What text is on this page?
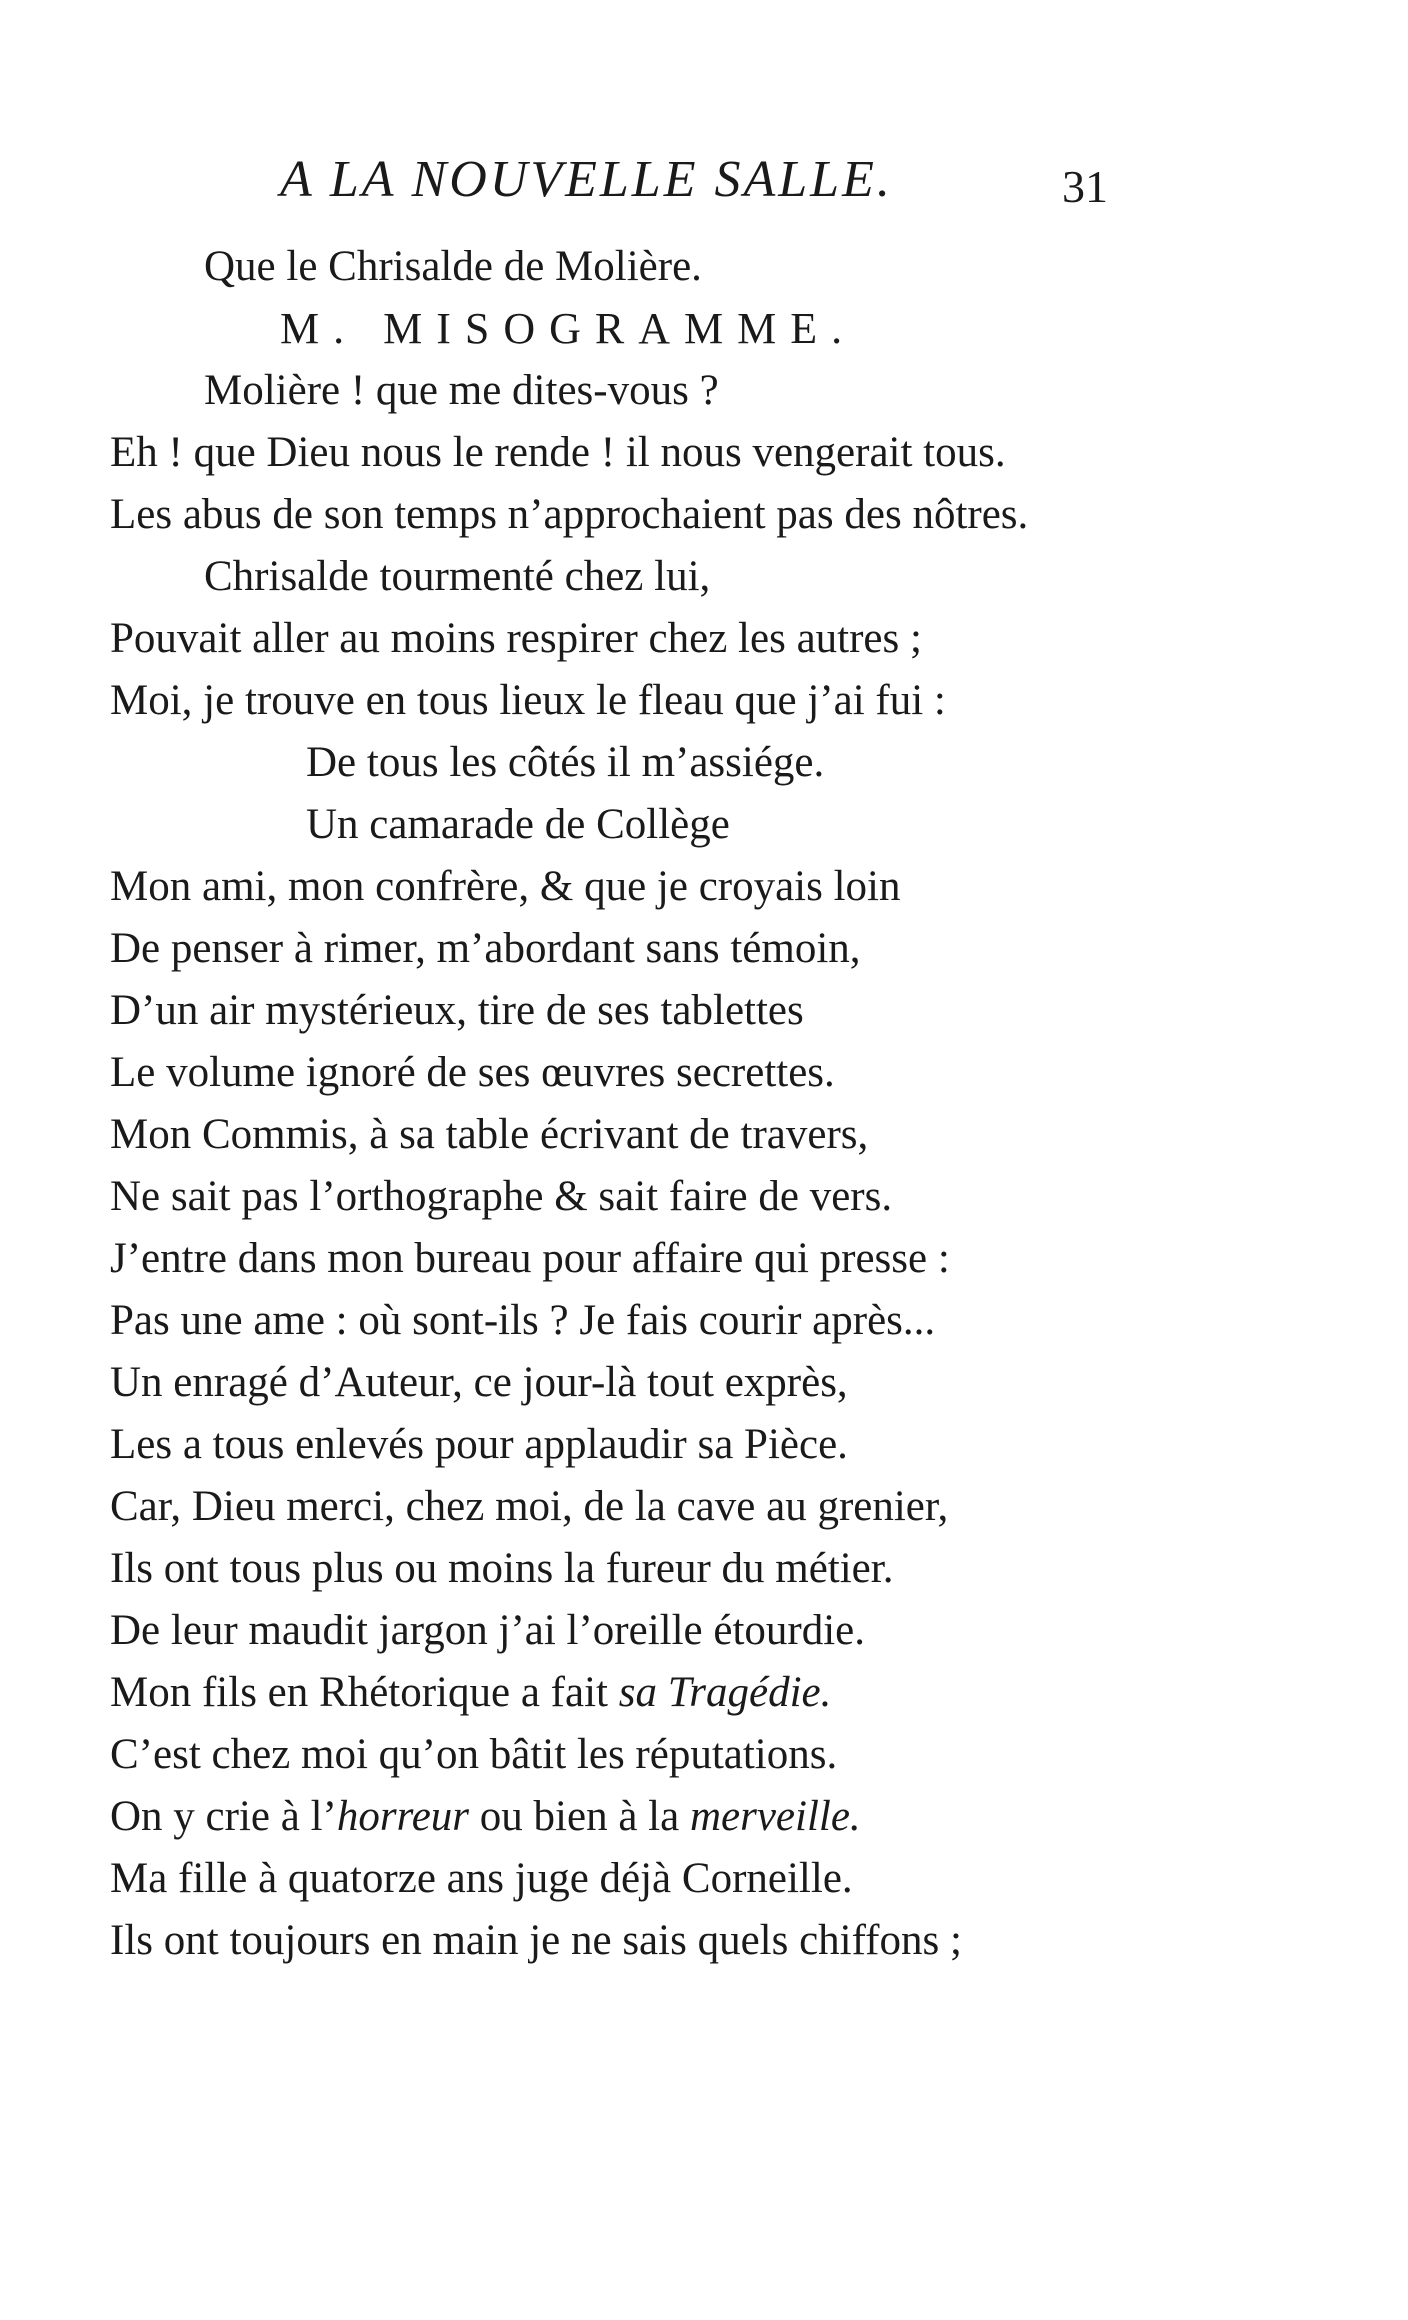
A LA NOUVELLE SALLE.	31
Que le Chrisalde de Molière.
M. MISOGRAMME.
Molière ! que me dites-vous ?
Eh ! que Dieu nous le rende ! il nous vengerait tous.
Les abus de son temps n’approchaient pas des nôtres.
Chrisalde tourmenté chez lui,
Pouvait aller au moins respirer chez les autres ;
Moi, je trouve en tous lieux le fleau que j’ai fui :
De tous les côtés il m’assiége.
Un camarade de Collège
Mon ami, mon confrère, & que je croyais loin
De penser à rimer, m’abordant sans témoin,
D’un air mystérieux, tire de ses tablettes
Le volume ignoré de ses œuvres secrettes.
Mon Commis, à sa table écrivant de travers,
Ne sait pas l’orthographe & sait faire de vers.
J’entre dans mon bureau pour affaire qui presse :
Pas une ame : où sont-ils ? Je fais courir après...
Un enragé d’Auteur, ce jour-là tout exprès,
Les a tous enlevés pour applaudir sa Pièce.
Car, Dieu merci, chez moi, de la cave au grenier,
Ils ont tous plus ou moins la fureur du métier.
De leur maudit jargon j’ai l’oreille étourdie.
Mon fils en Rhétorique a fait sa Tragédie.
C’est chez moi qu’on bâtit les réputations.
On y crie à l’horreur ou bien à la merveille.
Ma fille à quatorze ans juge déjà Corneille.
Ils ont toujours en main je ne sais quels chiffons ;
